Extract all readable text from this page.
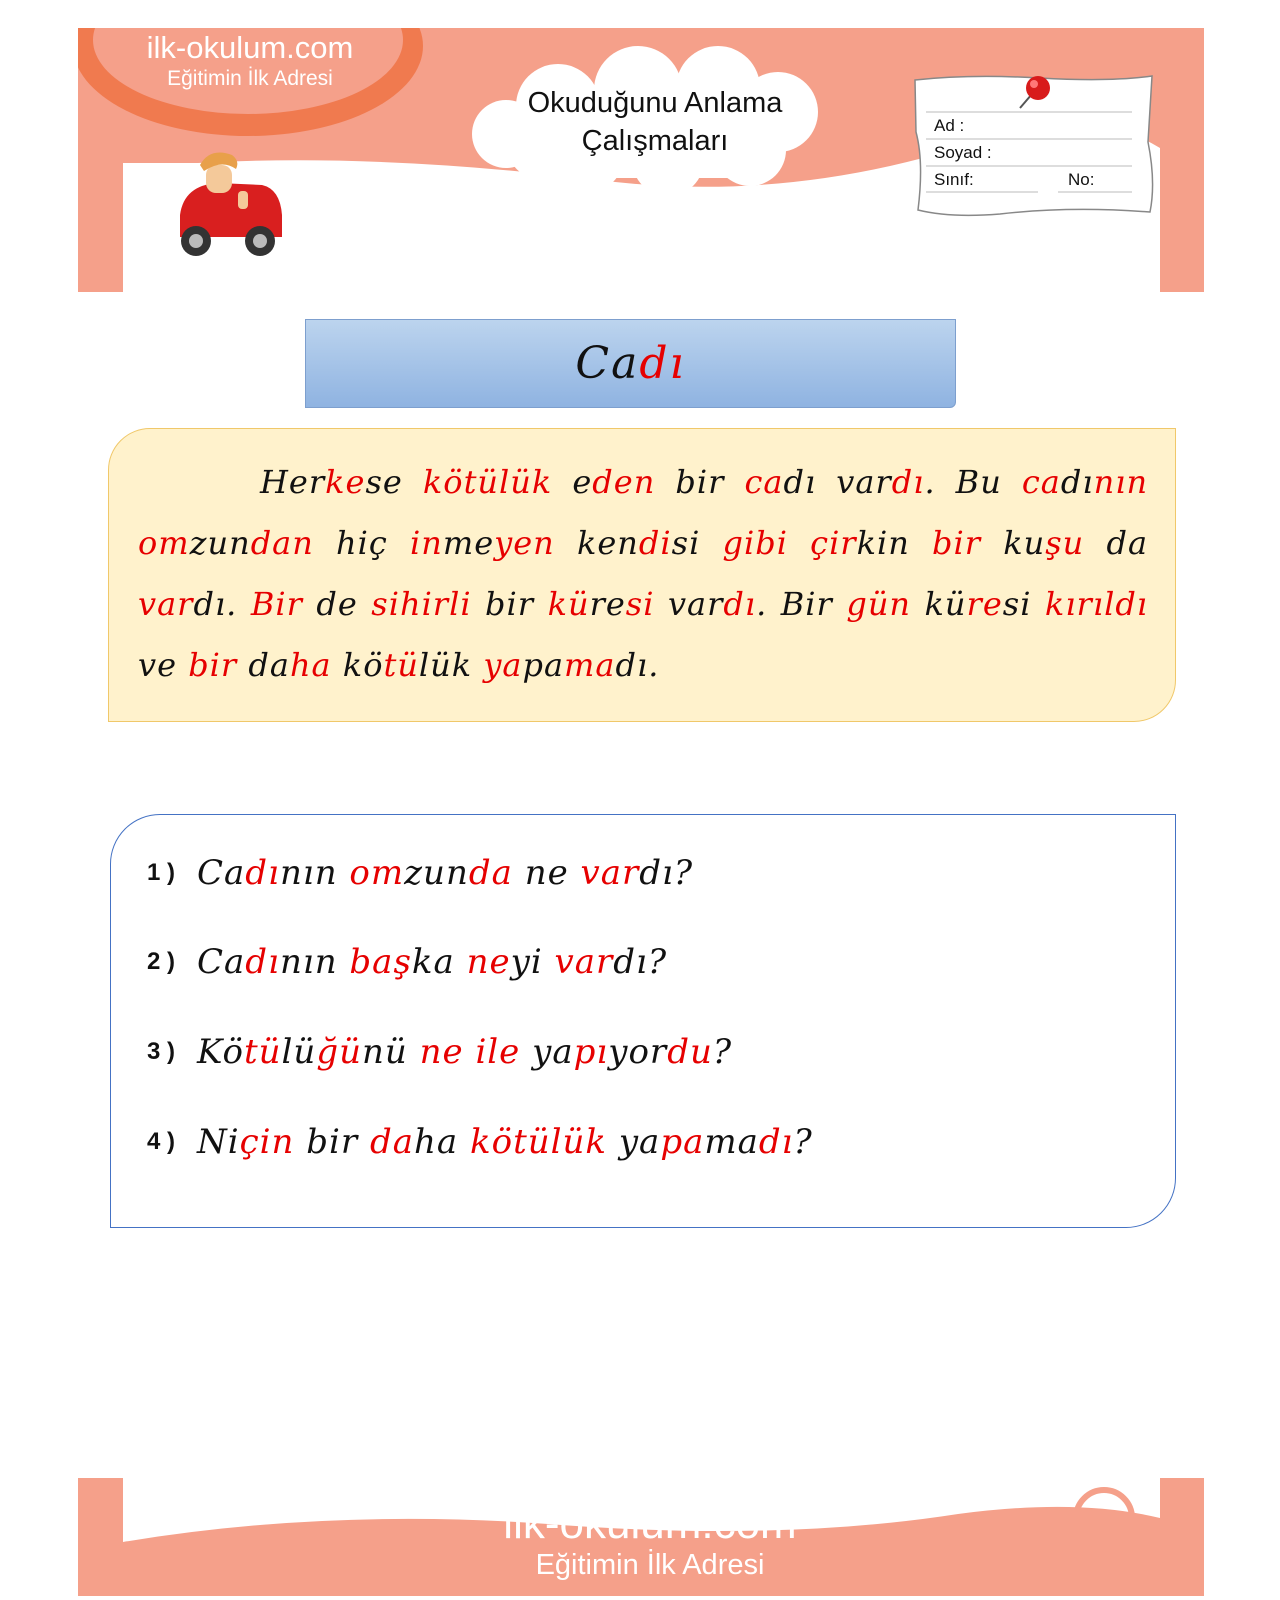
ilk-okulum.com
Eğitimin İlk Adresi
Okuduğunu Anlama
Çalışmaları	Ad :
Soyad :
Sınıf:	No:
Cadı
Herkese kötülük eden bir cadı vardı. Bu cadının omzundan hiç inmeyen kendisi gibi çirkin bir kuşu da vardı. Bir de sihirli bir küresi vardı. Bir gün küresi kırıldı ve bir daha kötülük yapamadı.
1 ) Cadının omzunda ne vardı?
2 ) Cadının başka neyi vardı?
3 ) Kötülüğünü ne ile yapıyordu?
4 ) Niçin bir daha kötülük yapamadı?
ilk-okulum.com
Eğitimin İlk Adresi
